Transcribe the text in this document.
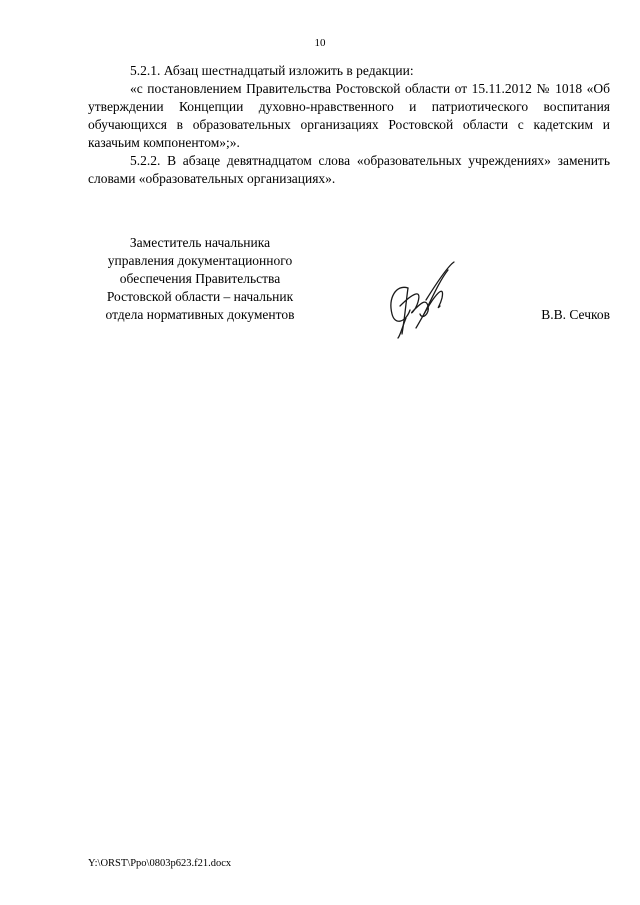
10

5.2.1. Абзац шестнадцатый изложить в редакции:

«с постановлением Правительства Ростовской области от 15.11.2012 № 1018 «Об утверждении Концепции духовно-нравственного и патриотического воспитания обучающихся в образовательных организациях Ростовской области с кадетским и казачьим компонентом»;».

5.2.2. В абзаце девятнадцатом слова «образовательных учреждениях» заменить словами «образовательных организациях».

Заместитель начальника
управления документационного
обеспечения Правительства
Ростовской области – начальник
отдела нормативных документов	В.В. Сечков
Y:\ORST\Ppo\0803p623.f21.docx
